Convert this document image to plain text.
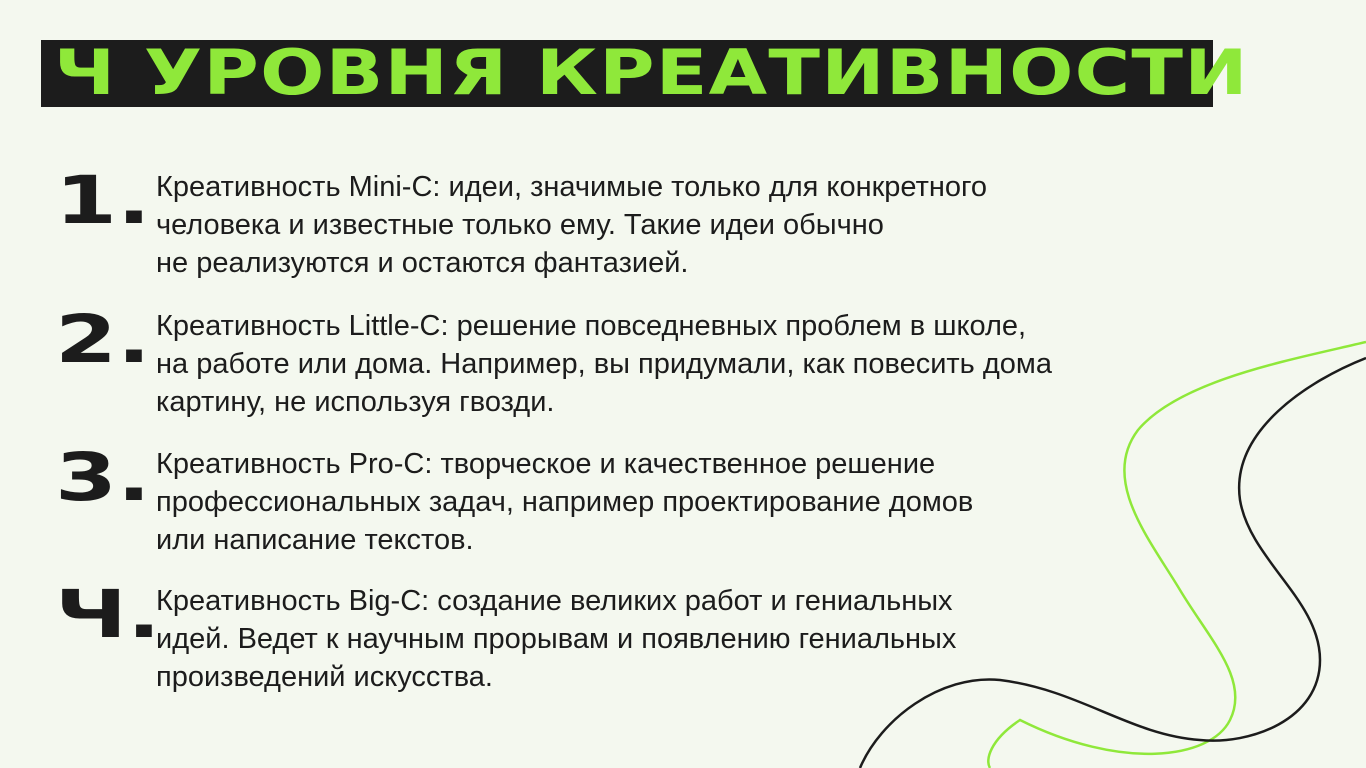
Ч УРОВНЯ КРЕАТИВНОСТИ
1. Креативность Mini-C: идеи, значимые только для конкретного
человека и известные только ему. Такие идеи обычно
не реализуются и остаются фантазией.
2. Креативность Little-C: решение повседневных проблем в школе,
на работе или дома. Например, вы придумали, как повесить дома
картину, не используя гвозди.
3. Креативность Pro-C: творческое и качественное решение
профессиональных задач, например проектирование домов
или написание текстов.
Ч.
Креативность Big-C: создание великих работ и гениальных
идей. Ведет к научным прорывам и появлению гениальных
произведений искусства.
